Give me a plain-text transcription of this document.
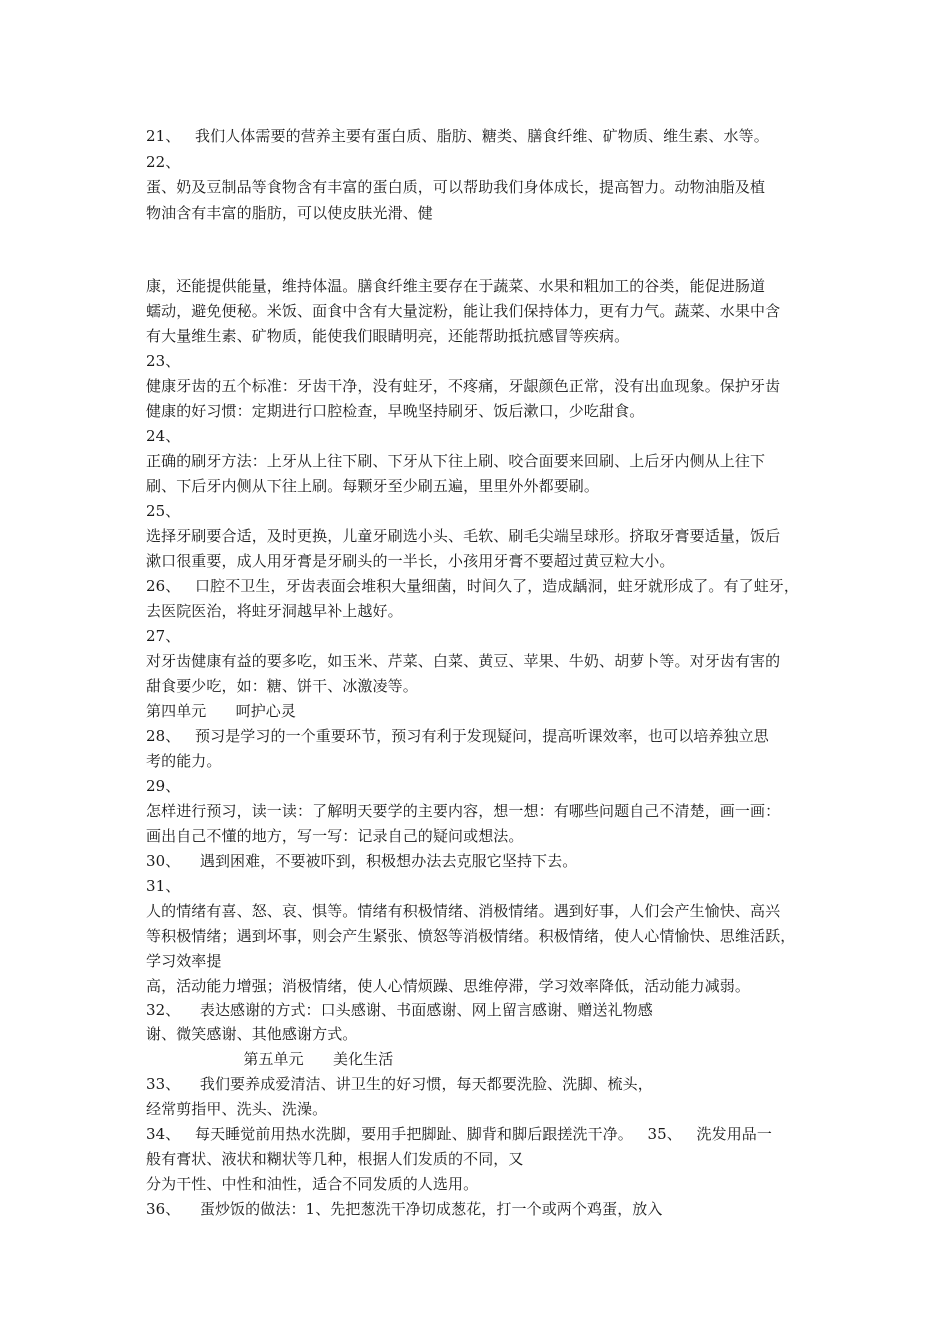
21、   我们人体需要的营养主要有蛋白质、脂肪、糖类、膳食纤维、矿物质、维生素、水等。
22、
蛋、奶及豆制品等食物含有丰富的蛋白质，可以帮助我们身体成长，提高智力。动物油脂及植
物油含有丰富的脂肪，可以使皮肤光滑、健
康，还能提供能量，维持体温。膳食纤维主要存在于蔬菜、水果和粗加工的谷类，能促进肠道
蠕动，避免便秘。米饭、面食中含有大量淀粉，能让我们保持体力，更有力气。蔬菜、水果中含
有大量维生素、矿物质，能使我们眼睛明亮，还能帮助抵抗感冒等疾病。
23、
健康牙齿的五个标准：牙齿干净，没有蛀牙，不疼痛，牙龈颜色正常，没有出血现象。保护牙齿
健康的好习惯：定期进行口腔检查，早晚坚持刷牙、饭后漱口，少吃甜食。
24、
正确的刷牙方法：上牙从上往下刷、下牙从下往上刷、咬合面要来回刷、上后牙内侧从上往下
刷、下后牙内侧从下往上刷。每颗牙至少刷五遍，里里外外都要刷。
25、
选择牙刷要合适，及时更换，儿童牙刷选小头、毛软、刷毛尖端呈球形。挤取牙膏要适量，饭后
漱口很重要，成人用牙膏是牙刷头的一半长，小孩用牙膏不要超过黄豆粒大小。
26、   口腔不卫生，牙齿表面会堆积大量细菌，时间久了，造成龋洞，蛀牙就形成了。有了蛀牙，
去医院医治，将蛀牙洞越早补上越好。
27、
对牙齿健康有益的要多吃，如玉米、芹菜、白菜、黄豆、苹果、牛奶、胡萝卜等。对牙齿有害的
甜食要少吃，如：糖、饼干、冰激凌等。
第四单元      呵护心灵
28、   预习是学习的一个重要环节，预习有利于发现疑问，提高听课效率，也可以培养独立思
考的能力。
29、
怎样进行预习，读一读：了解明天要学的主要内容，想一想：有哪些问题自己不清楚，画一画：
画出自己不懂的地方，写一写：记录自己的疑问或想法。
30、    遇到困难，不要被吓到，积极想办法去克服它坚持下去。
31、
人的情绪有喜、怒、哀、惧等。情绪有积极情绪、消极情绪。遇到好事，人们会产生愉快、高兴
等积极情绪；遇到坏事，则会产生紧张、愤怒等消极情绪。积极情绪，使人心情愉快、思维活跃，
学习效率提
高，活动能力增强；消极情绪，使人心情烦躁、思维停滞，学习效率降低，活动能力减弱。
32、    表达感谢的方式：口头感谢、书面感谢、网上留言感谢、赠送礼物感
谢、微笑感谢、其他感谢方式。
第五单元      美化生活
33、    我们要养成爱清洁、讲卫生的好习惯，每天都要洗脸、洗脚、梳头，
经常剪指甲、洗头、洗澡。
34、   每天睡觉前用热水洗脚，要用手把脚趾、脚背和脚后跟搓洗干净。   35、   洗发用品一
般有膏状、液状和糊状等几种，根据人们发质的不同，又
分为干性、中性和油性，适合不同发质的人选用。
36、    蛋炒饭的做法：1、先把葱洗干净切成葱花，打一个或两个鸡蛋，放入
